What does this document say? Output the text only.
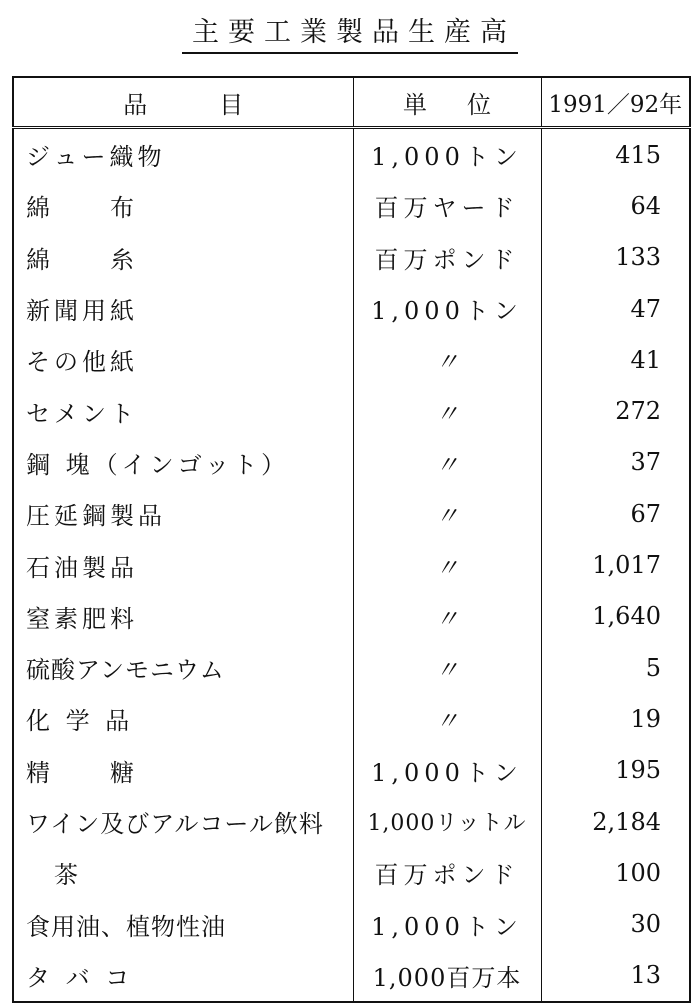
主要工業製品生産高
品目	単位	1991／92年
ジュー織物	1,000トン	415
綿　　布	百万ヤード	64
綿　　糸	百万ポンド	133
新聞用紙	1,000トン	47
その他紙	〃	41
セメント	〃	272
鋼 塊（インゴット）	〃	37
圧延鋼製品	〃	67
石油製品	〃	1,017
窒素肥料	〃	1,640
硫酸アンモニウム	〃	5
化 学 品	〃	19
精　　糖	1,000トン	195
ワイン及びアルコール飲料	1,000リットル	2,184
　茶	百万ポンド	100
食用油、植物性油	1,000トン	30
タ バ コ	1,000百万本	13
